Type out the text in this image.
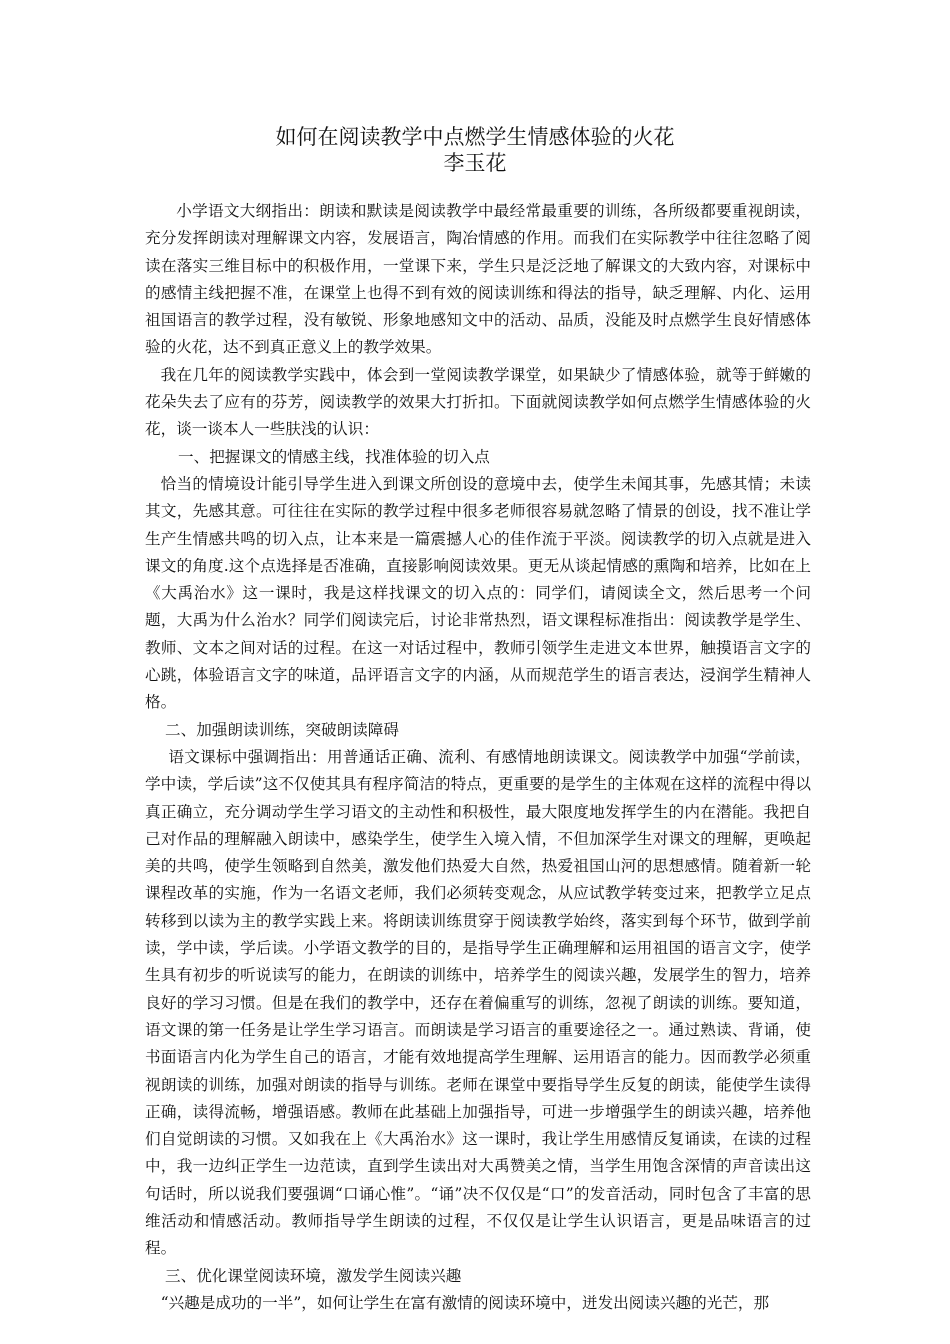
如何在阅读教学中点燃学生情感体验的火花
李玉花

小学语文大纲指出：朗读和默读是阅读教学中最经常最重要的训练，各所级都要重视朗读，充分发挥朗读对理解课文内容，发展语言，陶冶情感的作用。而我们在实际教学中往往忽略了阅读在落实三维目标中的积极作用，一堂课下来，学生只是泛泛地了解课文的大致内容，对课标中的感情主线把握不准，在课堂上也得不到有效的阅读训练和得法的指导，缺乏理解、内化、运用祖国语言的教学过程，没有敏锐、形象地感知文中的活动、品质，没能及时点燃学生良好情感体验的火花，达不到真正意义上的教学效果。

我在几年的阅读教学实践中，体会到一堂阅读教学课堂，如果缺少了情感体验，就等于鲜嫩的花朵失去了应有的芬芳，阅读教学的效果大打折扣。下面就阅读教学如何点燃学生情感体验的火花，谈一谈本人一些肤浅的认识：

一、把握课文的情感主线，找准体验的切入点

恰当的情境设计能引导学生进入到课文所创设的意境中去，使学生未闻其事，先感其情；未读其文，先感其意。可往往在实际的教学过程中很多老师很容易就忽略了情景的创设，找不准让学生产生情感共鸣的切入点，让本来是一篇震撼人心的佳作流于平淡。阅读教学的切入点就是进入课文的角度.这个点选择是否准确，直接影响阅读效果。更无从谈起情感的熏陶和培养，比如在上《大禹治水》这一课时，我是这样找课文的切入点的：同学们，请阅读全文，然后思考一个问题，大禹为什么治水？同学们阅读完后，讨论非常热烈，语文课程标准指出：阅读教学是学生、教师、文本之间对话的过程。在这一对话过程中，教师引领学生走进文本世界，触摸语言文字的心跳，体验语言文字的味道，品评语言文字的内涵，从而规范学生的语言表达，浸润学生精神人格。

二、加强朗读训练，突破朗读障碍

语文课标中强调指出：用普通话正确、流利、有感情地朗读课文。阅读教学中加强“学前读，学中读，学后读”这不仅使其具有程序简洁的特点，更重要的是学生的主体观在这样的流程中得以真正确立，充分调动学生学习语文的主动性和积极性，最大限度地发挥学生的内在潜能。我把自己对作品的理解融入朗读中，感染学生，使学生入境入情，不但加深学生对课文的理解，更唤起美的共鸣，使学生领略到自然美，激发他们热爱大自然，热爱祖国山河的思想感情。随着新一轮课程改革的实施，作为一名语文老师，我们必须转变观念，从应试教学转变过来，把教学立足点转移到以读为主的教学实践上来。将朗读训练贯穿于阅读教学始终，落实到每个环节，做到学前读，学中读，学后读。小学语文教学的目的，是指导学生正确理解和运用祖国的语言文字，使学生具有初步的听说读写的能力，在朗读的训练中，培养学生的阅读兴趣，发展学生的智力，培养良好的学习习惯。但是在我们的教学中，还存在着偏重写的训练，忽视了朗读的训练。要知道，语文课的第一任务是让学生学习语言。而朗读是学习语言的重要途径之一。通过熟读、背诵，使书面语言内化为学生自己的语言，才能有效地提高学生理解、运用语言的能力。因而教学必须重视朗读的训练，加强对朗读的指导与训练。老师在课堂中要指导学生反复的朗读，能使学生读得正确，读得流畅，增强语感。教师在此基础上加强指导，可进一步增强学生的朗读兴趣，培养他们自觉朗读的习惯。又如我在上《大禹治水》这一课时，我让学生用感情反复诵读，在读的过程中，我一边纠正学生一边范读，直到学生读出对大禹赞美之情，当学生用饱含深情的声音读出这句话时，所以说我们要强调“口诵心惟”。“诵”决不仅仅是“口”的发音活动，同时包含了丰富的思维活动和情感活动。教师指导学生朗读的过程，不仅仅是让学生认识语言，更是品味语言的过程。

三、优化课堂阅读环境，激发学生阅读兴趣

“兴趣是成功的一半”，如何让学生在富有激情的阅读环境中，迸发出阅读兴趣的光芒，那
